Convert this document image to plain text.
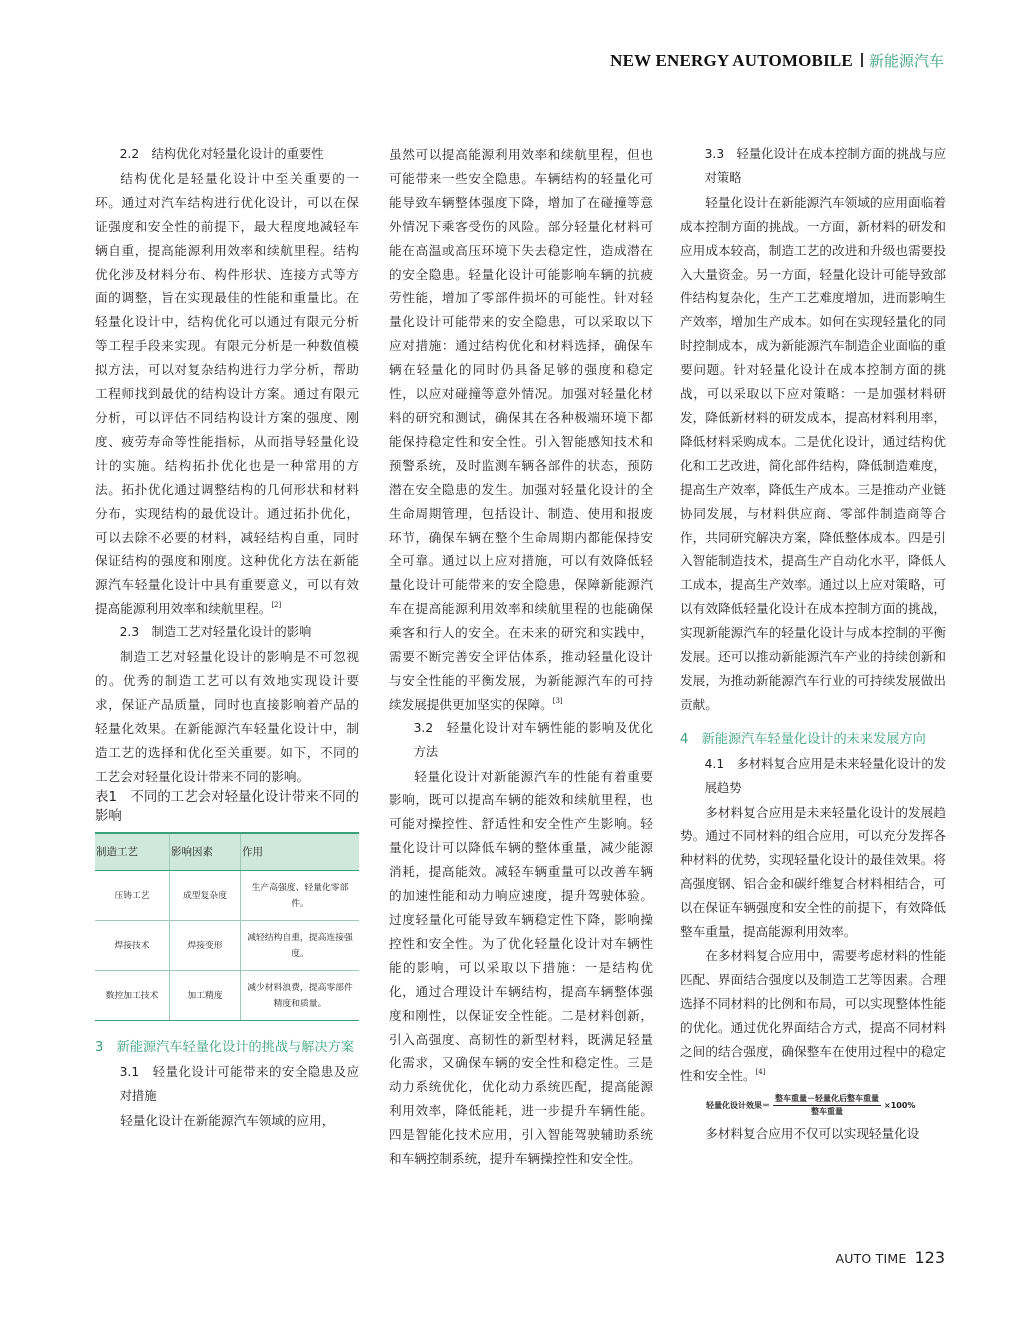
NEW ENERGY AUTOMOBILE 新能源汽车

2.2　结构优化对轻量化设计的重要性

结构优化是轻量化设计中至关重要的一环。通过对汽车结构进行优化设计，可以在保证强度和安全性的前提下，最大程度地减轻车辆自重，提高能源利用效率和续航里程。结构优化涉及材料分布、构件形状、连接方式等方面的调整，旨在实现最佳的性能和重量比。在轻量化设计中，结构优化可以通过有限元分析等工程手段来实现。有限元分析是一种数值模拟方法，可以对复杂结构进行力学分析，帮助工程师找到最优的结构设计方案。通过有限元分析，可以评估不同结构设计方案的强度、刚度、疲劳寿命等性能指标，从而指导轻量化设计的实施。结构拓扑优化也是一种常用的方法。拓扑优化通过调整结构的几何形状和材料分布，实现结构的最优设计。通过拓扑优化，可以去除不必要的材料，减轻结构自重，同时保证结构的强度和刚度。这种优化方法在新能源汽车轻量化设计中具有重要意义，可以有效提高能源利用效率和续航里程。[2]

2.3　制造工艺对轻量化设计的影响

制造工艺对轻量化设计的影响是不可忽视的。优秀的制造工艺可以有效地实现设计要求，保证产品质量，同时也直接影响着产品的轻量化效果。在新能源汽车轻量化设计中，制造工艺的选择和优化至关重要。如下，不同的工艺会对轻量化设计带来不同的影响。

表1　不同的工艺会对轻量化设计带来不同的影响

制造工艺	影响因素	作用
压铸工艺	成型复杂度	生产高强度、轻量化零部件。
焊接技术	焊接变形	减轻结构自重，提高连接强度。
数控加工技术	加工精度	减少材料浪费，提高零部件精度和质量。

3　新能源汽车轻量化设计的挑战与解决方案

3.1　轻量化设计可能带来的安全隐患及应对措施

轻量化设计在新能源汽车领域的应用，

虽然可以提高能源利用效率和续航里程，但也可能带来一些安全隐患。车辆结构的轻量化可能导致车辆整体强度下降，增加了在碰撞等意外情况下乘客受伤的风险。部分轻量化材料可能在高温或高压环境下失去稳定性，造成潜在的安全隐患。轻量化设计可能影响车辆的抗疲劳性能，增加了零部件损坏的可能性。针对轻量化设计可能带来的安全隐患，可以采取以下应对措施：通过结构优化和材料选择，确保车辆在轻量化的同时仍具备足够的强度和稳定性，以应对碰撞等意外情况。加强对轻量化材料的研究和测试，确保其在各种极端环境下都能保持稳定性和安全性。引入智能感知技术和预警系统，及时监测车辆各部件的状态，预防潜在安全隐患的发生。加强对轻量化设计的全生命周期管理，包括设计、制造、使用和报废环节，确保车辆在整个生命周期内都能保持安全可靠。通过以上应对措施，可以有效降低轻量化设计可能带来的安全隐患，保障新能源汽车在提高能源利用效率和续航里程的也能确保乘客和行人的安全。在未来的研究和实践中，需要不断完善安全评估体系，推动轻量化设计与安全性能的平衡发展，为新能源汽车的可持续发展提供更加坚实的保障。[3]

3.2　轻量化设计对车辆性能的影响及优化方法

轻量化设计对新能源汽车的性能有着重要影响，既可以提高车辆的能效和续航里程，也可能对操控性、舒适性和安全性产生影响。轻量化设计可以降低车辆的整体重量，减少能源消耗，提高能效。减轻车辆重量可以改善车辆的加速性能和动力响应速度，提升驾驶体验。过度轻量化可能导致车辆稳定性下降，影响操控性和安全性。为了优化轻量化设计对车辆性能的影响，可以采取以下措施：一是结构优化，通过合理设计车辆结构，提高车辆整体强度和刚性，以保证安全性能。二是材料创新，引入高强度、高韧性的新型材料，既满足轻量化需求，又确保车辆的安全性和稳定性。三是动力系统优化，优化动力系统匹配，提高能源利用效率，降低能耗，进一步提升车辆性能。四是智能化技术应用，引入智能驾驶辅助系统和车辆控制系统，提升车辆操控性和安全性。

3.3　轻量化设计在成本控制方面的挑战与应对策略

轻量化设计在新能源汽车领域的应用面临着成本控制方面的挑战。一方面，新材料的研发和应用成本较高，制造工艺的改进和升级也需要投入大量资金。另一方面，轻量化设计可能导致部件结构复杂化，生产工艺难度增加，进而影响生产效率，增加生产成本。如何在实现轻量化的同时控制成本，成为新能源汽车制造企业面临的重要问题。针对轻量化设计在成本控制方面的挑战，可以采取以下应对策略：一是加强材料研发，降低新材料的研发成本，提高材料利用率，降低材料采购成本。二是优化设计，通过结构优化和工艺改进，简化部件结构，降低制造难度，提高生产效率，降低生产成本。三是推动产业链协同发展，与材料供应商、零部件制造商等合作，共同研究解决方案，降低整体成本。四是引入智能制造技术，提高生产自动化水平，降低人工成本，提高生产效率。通过以上应对策略，可以有效降低轻量化设计在成本控制方面的挑战，实现新能源汽车的轻量化设计与成本控制的平衡发展。还可以推动新能源汽车产业的持续创新和发展，为推动新能源汽车行业的可持续发展做出贡献。

4　新能源汽车轻量化设计的未来发展方向

4.1　多材料复合应用是未来轻量化设计的发展趋势

多材料复合应用是未来轻量化设计的发展趋势。通过不同材料的组合应用，可以充分发挥各种材料的优势，实现轻量化设计的最佳效果。将高强度钢、铝合金和碳纤维复合材料相结合，可以在保证车辆强度和安全性的前提下，有效降低整车重量，提高能源利用效率。

在多材料复合应用中，需要考虑材料的性能匹配、界面结合强度以及制造工艺等因素。合理选择不同材料的比例和布局，可以实现整体性能的优化。通过优化界面结合方式，提高不同材料之间的结合强度，确保整车在使用过程中的稳定性和安全性。[4]

轻量化设计效果＝ $\frac{\text{整车重量－轻量化后整车重量}}{\text{整车重量}} \times 100\%$

多材料复合应用不仅可以实现轻量化设

AUTO TIME 123
